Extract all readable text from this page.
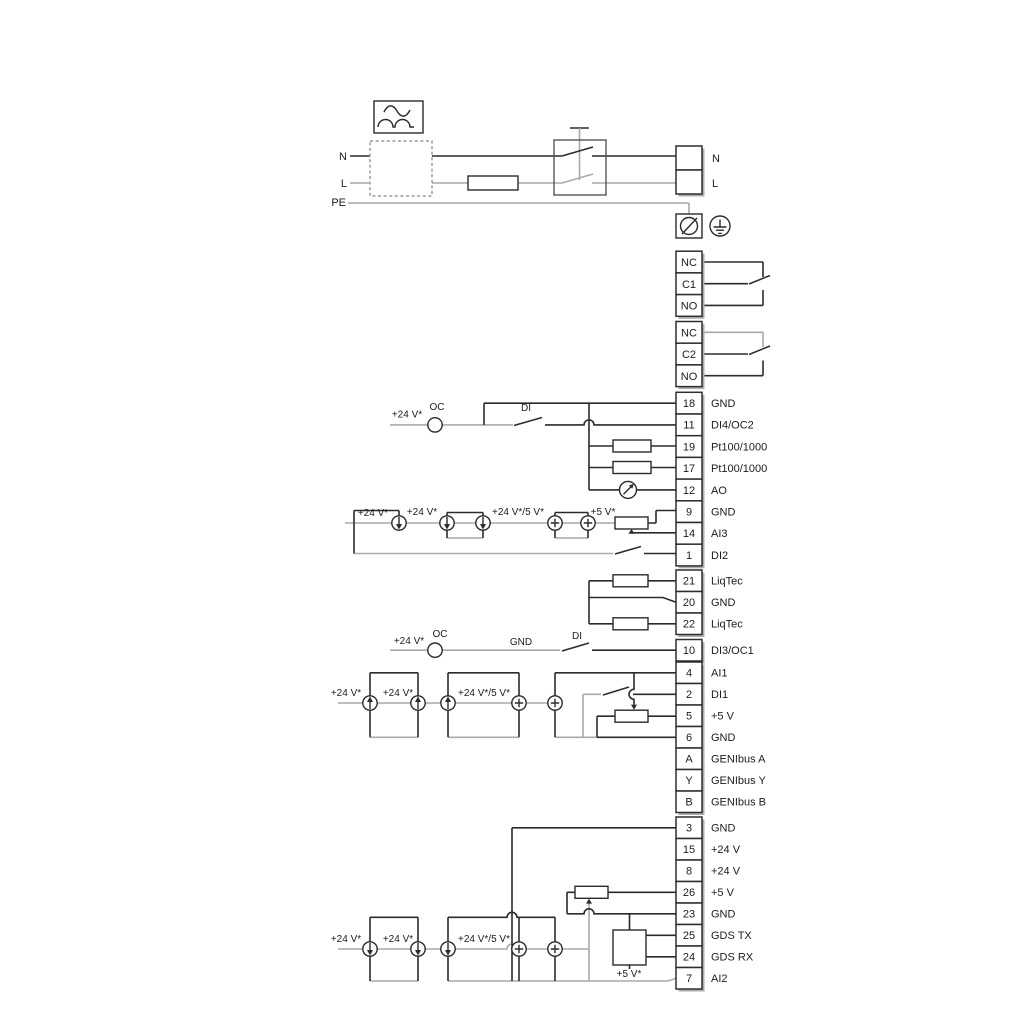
N
L
PE
N
L
NC
C1
NO
NC
C2
NO
+24 V*
OC	DI
+24 V* +24 V*	+24 V*/5 V*	+5 V*
18 GND
11 DI4/OC2
19 Pt100/1000
17 Pt100/1000
12 AO
9 GND
14 AI3
1 DI2
21 LiqTec
20 GND
22 LiqTec
+24 V*
OC
GND
DI
10 DI3/OC1
+24 V* +24 V*	+24 V*/5 V*
4 AI1
2 DI1
5 +5 V
6 GND
A GENIbus A
Y GENIbus Y
B GENIbus B
+24 V* +24 V*	+24 V*/5 V*
+5 V*
3 GND
15 +24 V
8 +24 V
26 +5 V
23 GND
25 GDS TX
24 GDS RX
7 AI2
